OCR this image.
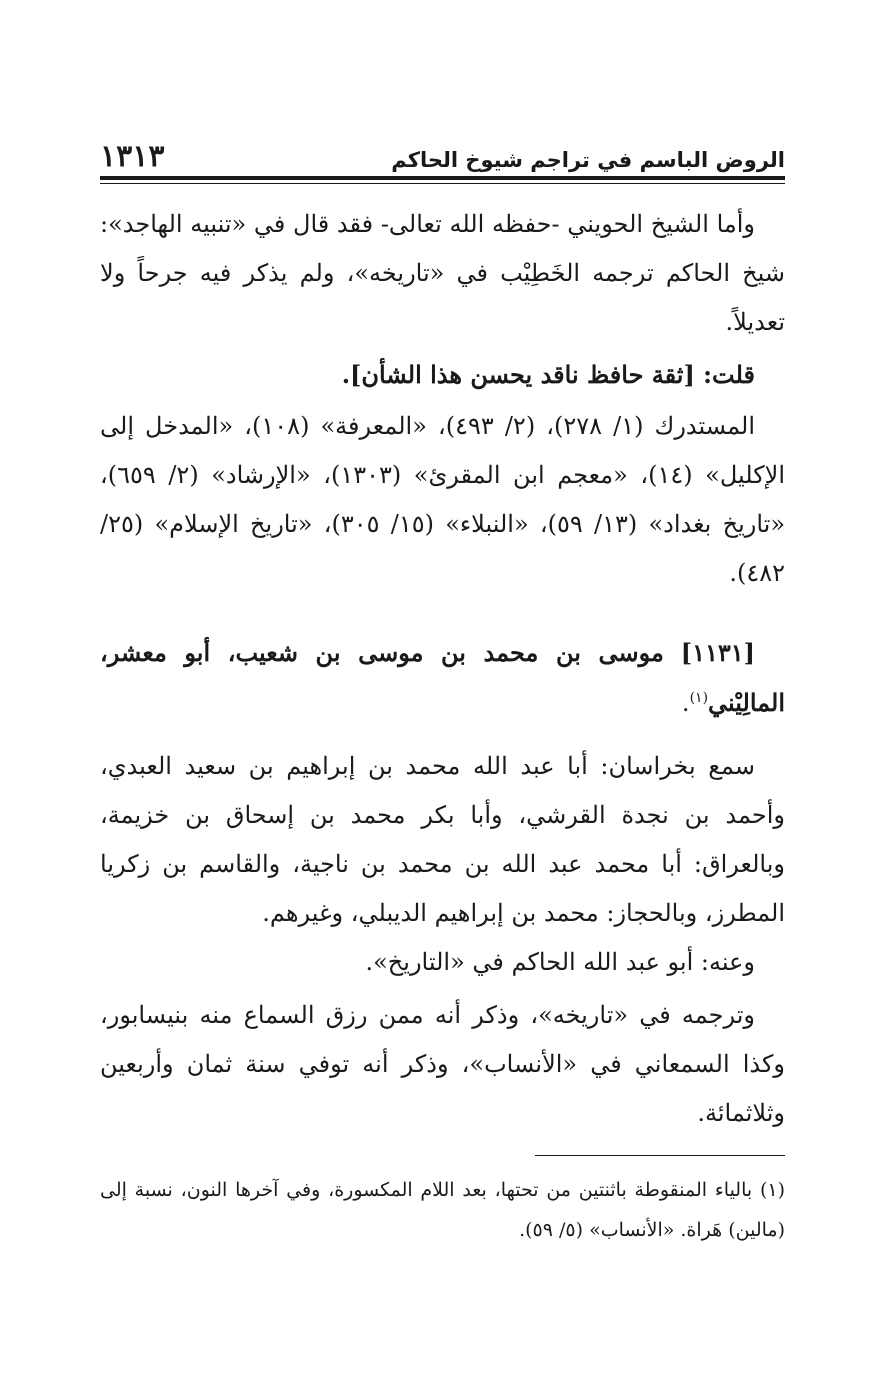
١٣١٣	الروض الباسم في تراجم شيوخ الحاكم

وأما الشيخ الحويني -حفظه الله تعالى- فقد قال في «تنبيه الهاجد»: شيخ الحاكم ترجمه الخَطِيْب في «تاريخه»، ولم يذكر فيه جرحاً ولا تعديلاً.

قلت: [ثقة حافظ ناقد يحسن هذا الشأن].

المستدرك (١/ ٢٧٨)، (٢/ ٤٩٣)، «المعرفة» (١٠٨)، «المدخل إلى الإكليل» (١٤)، «معجم ابن المقرئ» (١٣٠٣)، «الإرشاد» (٢/ ٦٥٩)، «تاريخ بغداد» (١٣/ ٥٩)، «النبلاء» (١٥/ ٣٠٥)، «تاريخ الإسلام» (٢٥/ ٤٨٢).

[١١٣١] موسى بن محمد بن موسى بن شعيب، أبو معشر، المالِيْني$^{(١)}$.

سمع بخراسان: أبا عبد الله محمد بن إبراهيم بن سعيد العبدي، وأحمد بن نجدة القرشي، وأبا بكر محمد بن إسحاق بن خزيمة، وبالعراق: أبا محمد عبد الله بن محمد بن ناجية، والقاسم بن زكريا المطرز، وبالحجاز: محمد بن إبراهيم الديبلي، وغيرهم.

وعنه: أبو عبد الله الحاكم في «التاريخ».

وترجمه في «تاريخه»، وذكر أنه ممن رزق السماع منه بنيسابور، وكذا السمعاني في «الأنساب»، وذكر أنه توفي سنة ثمان وأربعين وثلاثمائة.

(١) بالياء المنقوطة باثنتين من تحتها، بعد اللام المكسورة، وفي آخرها النون، نسبة إلى (مالين) هَراة. «الأنساب» (٥/ ٥٩).
